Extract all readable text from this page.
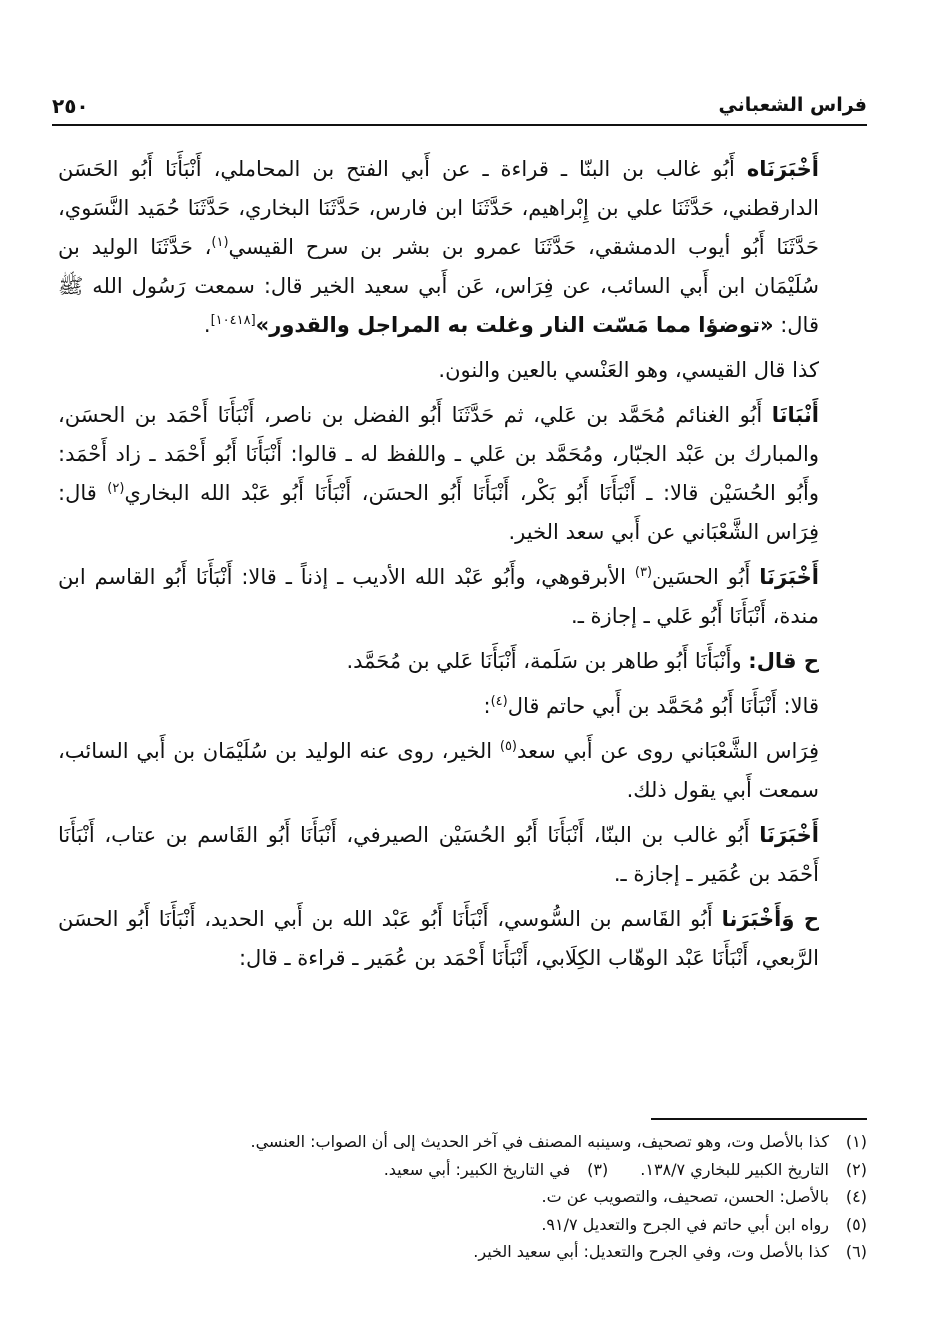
فراس الشعباني
٢٥٠

أَخْبَرَنَاه أَبُو غالب بن البنّا ـ قراءة ـ عن أَبي الفتح بن المحاملي، أَنْبَأَنَا أَبُو الحَسَن الدارقطني، حَدَّثَنَا علي بن إِبْراهيم، حَدَّثَنَا ابن فارس، حَدَّثَنَا البخاري، حَدَّثَنَا حُمَيد النَّسَوي، حَدَّثَنَا أَبُو أيوب الدمشقي، حَدَّثَنَا عمرو بن بشر بن سرح القيسي$^{(١)}$، حَدَّثَنَا الوليد بن سُلَيْمَان ابن أَبي السائب، عن فِرَاس، عَن أَبي سعيد الخير قال: سمعت رَسُول الله ﷺ قال: «توضؤا مما مَسّت النار وغلت به المراجل والقدور»[١٠٤١٨].

كذا قال القيسي، وهو العَنْسي بالعين والنون.

أَنْبَانَا أَبُو الغنائم مُحَمَّد بن عَلي، ثم حَدَّثَنَا أَبُو الفضل بن ناصر، أَنْبَأَنَا أَحْمَد بن الحسَن، والمبارك بن عَبْد الجبّار، ومُحَمَّد بن عَلي ـ واللفظ له ـ قالوا: أَنْبَأَنَا أَبُو أَحْمَد ـ زاد أَحْمَد: وأَبُو الحُسَيْن قالا: ـ أَنْبَأَنَا أَبُو بَكْر، أَنْبَأَنَا أَبُو الحسَن، أَنْبَأَنَا أَبُو عَبْد الله البخاري$^{(٢)}$ قال: فِرَاس الشَّعْبَاني عن أَبي سعد الخير.

أَخْبَرَنَا أَبُو الحسَين$^{(٣)}$ الأبرقوهي، وأَبُو عَبْد الله الأديب ـ إذناً ـ قالا: أَنْبَأَنَا أَبُو القاسم ابن مندة، أَنْبَأَنَا أَبُو عَلي ـ إجازة ـ.

ح قال: وأَنْبَأَنَا أَبُو طاهر بن سَلَمة، أَنْبَأَنَا عَلي بن مُحَمَّد.

قالا: أَنْبَأَنَا أَبُو مُحَمَّد بن أَبي حاتم قال$^{(٤)}$:

فِرَاس الشَّعْبَاني روى عن أَبي سعد$^{(٥)}$ الخير، روى عنه الوليد بن سُلَيْمَان بن أَبي السائب، سمعت أَبي يقول ذلك.

أَخْبَرَنَا أَبُو غالب بن البنّا، أَنْبَأَنَا أَبُو الحُسَيْن الصيرفي، أَنْبَأَنَا أَبُو القَاسم بن عتاب، أَنْبَأَنَا أَحْمَد بن عُمَير ـ إجازة ـ.

ح وَأَخْبَرَنا أَبُو القَاسم بن السُّوسي، أَنْبَأَنَا أَبُو عَبْد الله بن أَبي الحديد، أَنْبَأَنَا أَبُو الحسَن الرَّبعي، أَنْبَأَنَا عَبْد الوهّاب الكِلَابي، أَنْبَأَنَا أَحْمَد بن عُمَير ـ قراءة ـ قال:

(١)كذا بالأصل وت، وهو تصحيف، وسينبه المصنف في آخر الحديث إلى أن الصواب: العنسي.
(٢)التاريخ الكبير للبخاري ١٣٨/٧.(٣)في التاريخ الكبير: أبي سعيد.
(٤)بالأصل: الحسن، تصحيف، والتصويب عن ت.
(٥)رواه ابن أبي حاتم في الجرح والتعديل ٩١/٧.
(٦)كذا بالأصل وت، وفي الجرح والتعديل: أبي سعيد الخير.
